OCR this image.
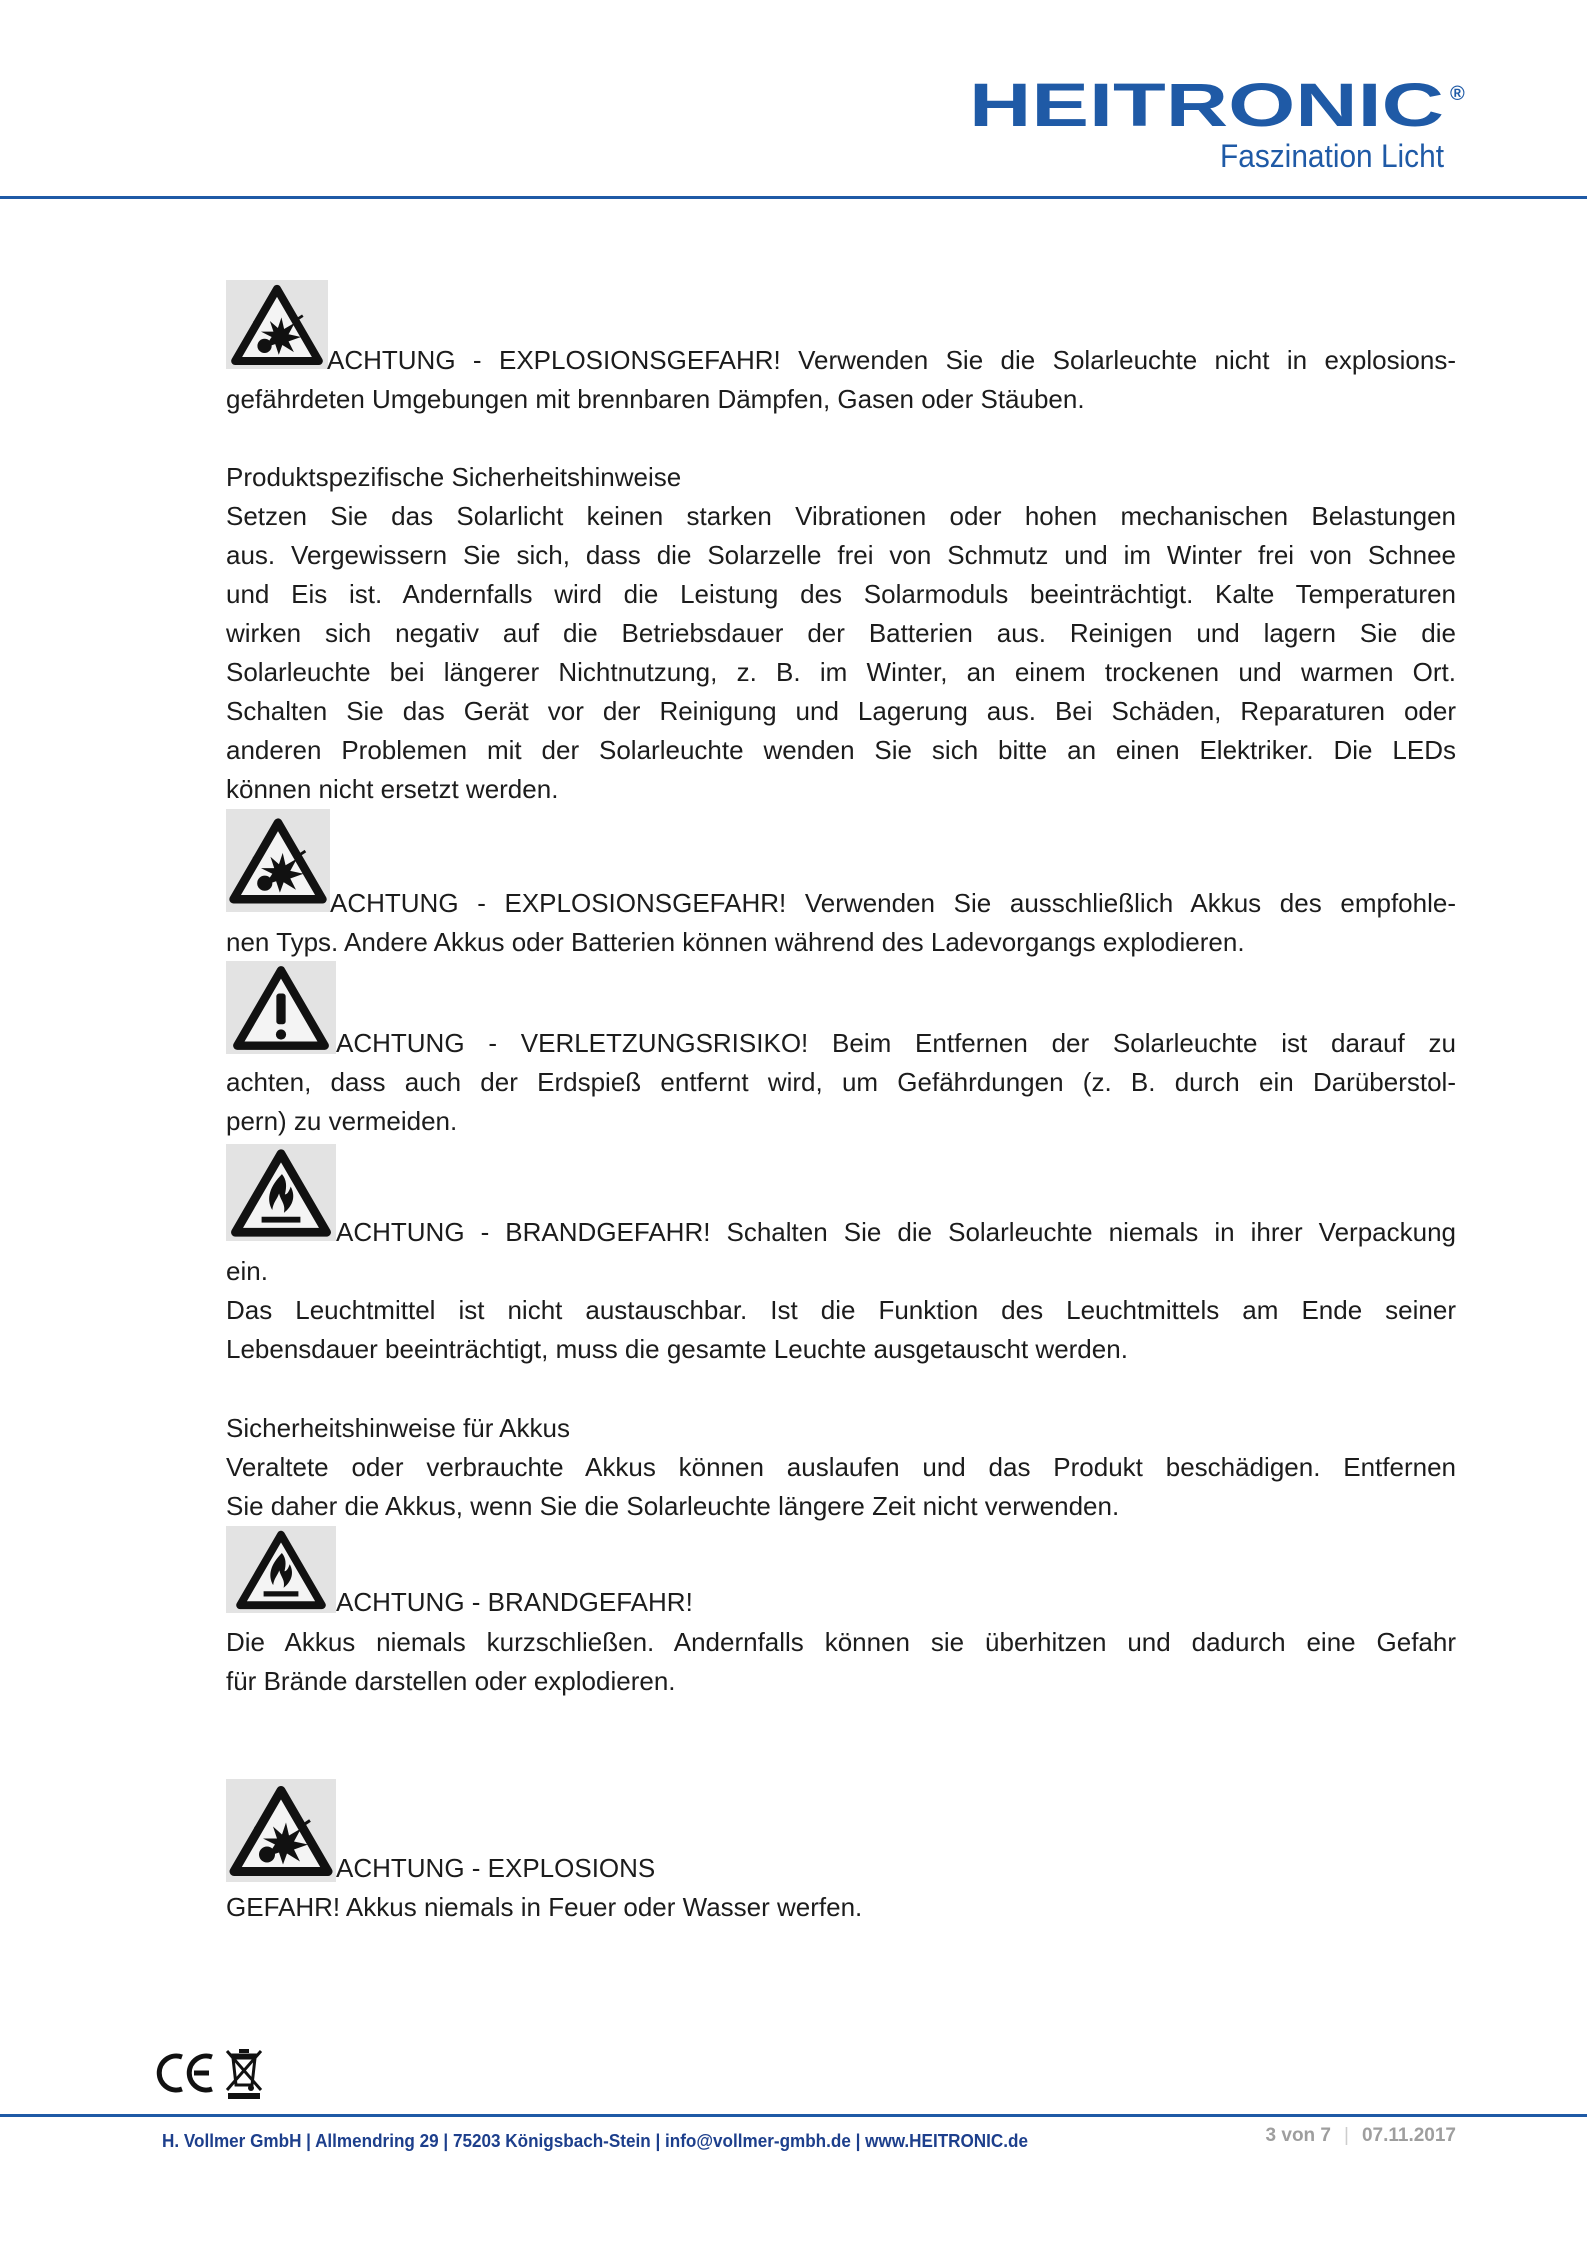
HEITRONIC ®
Faszination Licht
ACHTUNG - EXPLOSIONSGEFAHR! Verwenden Sie die Solarleuchte nicht in explosions-
gefährdeten Umgebungen mit brennbaren Dämpfen, Gasen oder Stäuben.
Produktspezifische Sicherheitshinweise
Setzen Sie das Solarlicht keinen starken Vibrationen oder hohen mechanischen Belastungen
aus. Vergewissern Sie sich, dass die Solarzelle frei von Schmutz und im Winter frei von Schnee
und Eis ist. Andernfalls wird die Leistung des Solarmoduls beeinträchtigt. Kalte Temperaturen
wirken sich negativ auf die Betriebsdauer der Batterien aus. Reinigen und lagern Sie die
Solarleuchte bei längerer Nichtnutzung, z. B. im Winter, an einem trockenen und warmen Ort.
Schalten Sie das Gerät vor der Reinigung und Lagerung aus. Bei Schäden, Reparaturen oder
anderen Problemen mit der Solarleuchte wenden Sie sich bitte an einen Elektriker. Die LEDs
können nicht ersetzt werden.
ACHTUNG - EXPLOSIONSGEFAHR! Verwenden Sie ausschließlich Akkus des empfohle-
nen Typs. Andere Akkus oder Batterien können während des Ladevorgangs explodieren.
ACHTUNG - VERLETZUNGSRISIKO! Beim Entfernen der Solarleuchte ist darauf zu
achten, dass auch der Erdspieß entfernt wird, um Gefährdungen (z. B. durch ein Darüberstol-
pern) zu vermeiden.
ACHTUNG - BRANDGEFAHR! Schalten Sie die Solarleuchte niemals in ihrer Verpackung
ein.
Das Leuchtmittel ist nicht austauschbar. Ist die Funktion des Leuchtmittels am Ende seiner
Lebensdauer beeinträchtigt, muss die gesamte Leuchte ausgetauscht werden.
Sicherheitshinweise für Akkus
Veraltete oder verbrauchte Akkus können auslaufen und das Produkt beschädigen. Entfernen
Sie daher die Akkus, wenn Sie die Solarleuchte längere Zeit nicht verwenden.
ACHTUNG - BRANDGEFAHR!
Die Akkus niemals kurzschließen. Andernfalls können sie überhitzen und dadurch eine Gefahr
für Brände darstellen oder explodieren.
ACHTUNG - EXPLOSIONS
GEFAHR! Akkus niemals in Feuer oder Wasser werfen.
H. Vollmer GmbH | Allmendring 29 | 75203 Königsbach-Stein | info@vollmer-gmbh.de | www.HEITRONIC.de	3 von 7 | 07.11.2017
